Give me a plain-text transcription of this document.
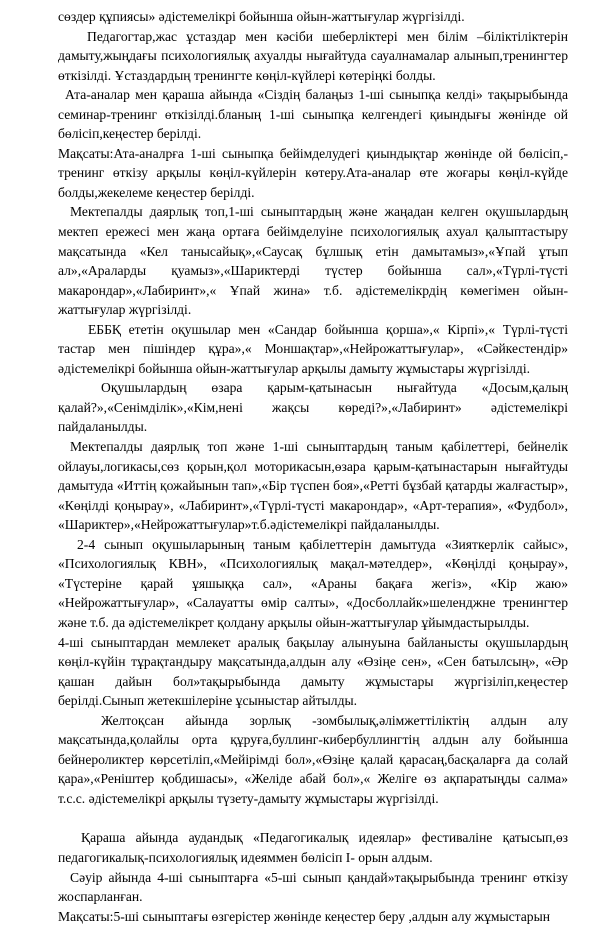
сөздер құпиясы» әдістемелікрі бойынша ойын-жаттығулар жүргізілді.

Педагогтар,жас ұстаздар мен кәсіби шеберліктері мен білім –біліктіліктерін дамыту,жыңдағы психологиялық ахуалды нығайтуда сауалнамалар алынып,тренингтер өткізілді. Ұстаздардың тренингте көңіл-күйлері көтеріңкі болды.

Ата-аналар мен қараша айында «Сіздің балаңыз 1-ші сыныпқа келді» тақырыбында семинар-тренинг өткізілді.бланың 1-ші сыныпқа келгендегі қиындығы жөнінде ой бөлісіп,кеңестер берілді.

Мақсаты:Ата-аналрға 1-ші сыныпқа бейімделудегі қиындықтар жөнінде ой бөлісіп,-тренинг өткізу арқылы көңіл-күйлерін көтеру.Ата-аналар өте жоғары көңіл-күйде болды,жекелеме кеңестер берілді.

Мектепалды даярлық топ,1-ші сыныптардың және жаңадан келген оқушылардың мектеп ережесі мен жаңа ортаға бейімделуіне психологиялық ахуал қалыптастыру мақсатында «Кел танысайық»,«Саусақ бұлшық етін дамытамыз»,«Ұпай ұтып ал»,«Араларды қуамыз»,«Шариктерді түстер бойынша сал»,«Түрлі-түсті макарондар»,«Лабиринт»,« Ұпай жина» т.б. әдістемелікрдің көмегімен ойын-жаттығулар жүргізілді.

ЕББҚ ететін оқушылар мен «Сандар бойынша қорша»,« Кірпі»,« Түрлі-түсті тастар мен пішіндер құра»,« Моншақтар»,«Нейрожаттығулар», «Сәйкестендір» әдістемелікрі бойынша ойын-жаттығулар арқылы дамыту жұмыстары жүргізілді.

Оқушылардың өзара қарым-қатынасын нығайтуда «Досым,қалың қалай?»,«Сенімділік»,«Кім,нені жақсы көреді?»,«Лабиринт» әдістемелікрі пайдаланылды.

Мектепалды даярлық топ және 1-ші сыныптардың таным қабілеттері, бейнелік ойлауы,логикасы,сөз қорын,қол моторикасын,өзара қарым-қатынастарын нығайтуды дамытуда «Иттің қожайынын тап»,«Бір түспен боя»,«Ретті бұзбай қатарды жалғастыр», «Көңілді қоңырау», «Лабиринт»,«Түрлі-түсті макарондар», «Арт-терапия», «Фудбол», «Шариктер»,«Нейрожаттығулар»т.б.әдістемелікрі пайдаланылды.

2-4 сынып оқушыларының таным қабілеттерін дамытуда «Зияткерлік сайыс», «Психологиялық КВН», «Психологиялық мақал-мәтелдер», «Көңілді қоңырау», «Түстеріне қарай ұяшыққа сал», «Араны бақаға жегіз», «Кір жаю» «Нейрожаттығулар», «Салауатты өмір салты», «Досболлайк»шеленджне тренингтер және т.б. да әдістемелікрет қолдану арқылы ойын-жаттығулар ұйымдастырылды.

4-ші сыныптардан мемлекет аралық бақылау алынуына байланысты оқушылардың көңіл-күйін тұрақтандыру мақсатында,алдын алу «Өзіңе сен», «Сен батылсың», «Әр қашан дайын бол»тақырыбында дамыту жұмыстары жүргізіліп,кеңестер берілді.Сынып жетекшілеріне ұсыныстар айтылды.

Желтоқсан айында зорлық -зомбылық,әлімжеттіліктің алдын алу мақсатында,қолайлы орта құруға,буллинг-кибербуллингтің алдын алу бойынша бейнероликтер көрсетіліп,«Мейірімді бол»,«Өзіңе қалай қарасаң,басқаларға да солай қара»,«Реніштер қобдишасы», «Желіде абай бол»,« Желіге өз ақпаратыңды салма» т.с.с. әдістемелікрі арқылы түзету-дамыту жұмыстары жүргізілді.

Қараша айында аудандық «Педагогикалық идеялар» фестиваліне қатысып,өз педагогикалық-психологиялық идеяммен бөлісіп І- орын алдым.

Сәуір айында 4-ші сыныптарға «5-ші сынып қандай»тақырыбында тренинг өткізу жоспарланған.

Мақсаты:5-ші сыныптағы өзгерістер жөнінде кеңестер беру ,алдын алу жұмыстарын
